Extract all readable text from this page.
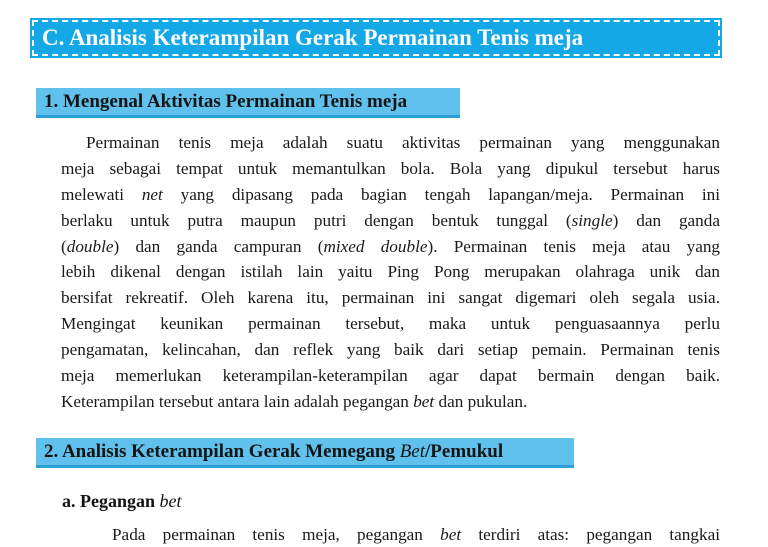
C. Analisis Keterampilan Gerak Permainan Tenis meja
1. Mengenal Aktivitas Permainan Tenis meja
Permainan tenis meja adalah suatu aktivitas permainan yang menggunakan
meja sebagai tempat untuk memantulkan bola. Bola yang dipukul tersebut harus
melewati net yang dipasang pada bagian tengah lapangan/meja. Permainan ini
berlaku untuk putra maupun putri dengan bentuk tunggal (single) dan ganda
(double) dan ganda campuran (mixed double). Permainan tenis meja atau yang
lebih dikenal dengan istilah lain yaitu Ping Pong merupakan olahraga unik dan
bersifat rekreatif. Oleh karena itu, permainan ini sangat digemari oleh segala usia.
Mengingat keunikan permainan tersebut, maka untuk penguasaannya perlu
pengamatan, kelincahan, dan reflek yang baik dari setiap pemain. Permainan tenis
meja memerlukan keterampilan-keterampilan agar dapat bermain dengan baik.
Keterampilan tersebut antara lain adalah pegangan bet dan pukulan.
2. Analisis Keterampilan Gerak Memegang Bet/Pemukul
a. Pegangan bet
Pada permainan tenis meja, pegangan bet terdiri atas: pegangan tangkai
